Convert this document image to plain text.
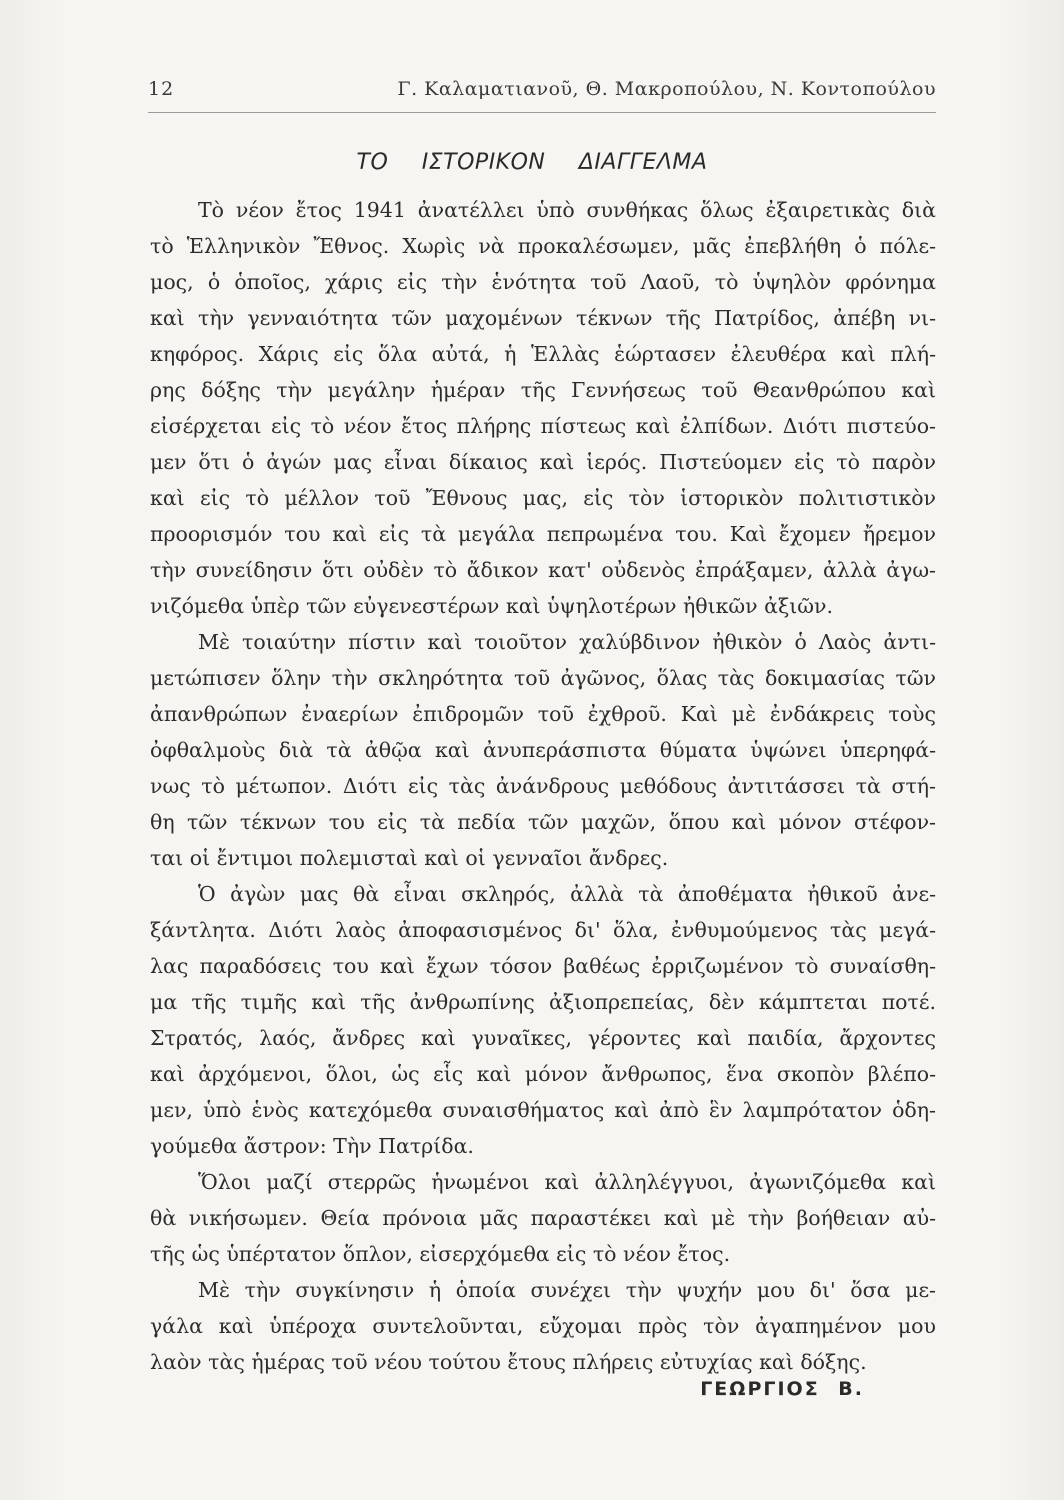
12	Γ. Καλαματιανοῦ, Θ. Μακροπούλου, Ν. Κοντοπούλου
ΤΟ ΙΣΤΟΡΙΚΟΝ ΔΙΑΓΓΕΛΜΑ
Τὸ νέον ἔτος 1941 ἀνατέλλει ὑπὸ συνθήκας ὅλως ἐξαιρετικὰς διὰ
τὸ Ἑλληνικὸν Ἔθνος. Χωρὶς νὰ προκαλέσωμεν, μᾶς ἐπεβλήθη ὁ πόλε-
μος, ὁ ὁποῖος, χάρις εἰς τὴν ἑνότητα τοῦ Λαοῦ, τὸ ὑψηλὸν φρόνημα
καὶ τὴν γενναιότητα τῶν μαχομένων τέκνων τῆς Πατρίδος, ἀπέβη νι-
κηφόρος. Χάρις εἰς ὅλα αὐτά, ἡ Ἑλλὰς ἑώρτασεν ἐλευθέρα καὶ πλή-
ρης δόξης τὴν μεγάλην ἡμέραν τῆς Γεννήσεως τοῦ Θεανθρώπου καὶ
εἰσέρχεται εἰς τὸ νέον ἔτος πλήρης πίστεως καὶ ἐλπίδων. Διότι πιστεύο-
μεν ὅτι ὁ ἀγών μας εἶναι δίκαιος καὶ ἱερός. Πιστεύομεν εἰς τὸ παρὸν
καὶ εἰς τὸ μέλλον τοῦ Ἔθνους μας, εἰς τὸν ἱστορικὸν πολιτιστικὸν
προορισμόν του καὶ εἰς τὰ μεγάλα πεπρωμένα του. Καὶ ἔχομεν ἤρεμον
τὴν συνείδησιν ὅτι οὐδὲν τὸ ἄδικον κατ' οὐδενὸς ἐπράξαμεν, ἀλλὰ ἀγω-
νιζόμεθα ὑπὲρ τῶν εὐγενεστέρων καὶ ὑψηλοτέρων ἠθικῶν ἀξιῶν.
Μὲ τοιαύτην πίστιν καὶ τοιοῦτον χαλύβδινον ἠθικὸν ὁ Λαὸς ἀντι-
μετώπισεν ὅλην τὴν σκληρότητα τοῦ ἀγῶνος, ὅλας τὰς δοκιμασίας τῶν
ἀπανθρώπων ἐναερίων ἐπιδρομῶν τοῦ ἐχθροῦ. Καὶ μὲ ἐνδάκρεις τοὺς
ὀφθαλμοὺς διὰ τὰ ἀθῷα καὶ ἀνυπεράσπιστα θύματα ὑψώνει ὑπερηφά-
νως τὸ μέτωπον. Διότι εἰς τὰς ἀνάνδρους μεθόδους ἀντιτάσσει τὰ στή-
θη τῶν τέκνων του εἰς τὰ πεδία τῶν μαχῶν, ὅπου καὶ μόνον στέφον-
ται οἱ ἔντιμοι πολεμισταὶ καὶ οἱ γενναῖοι ἄνδρες.
Ὁ ἀγὼν μας θὰ εἶναι σκληρός, ἀλλὰ τὰ ἀποθέματα ἠθικοῦ ἀνε-
ξάντλητα. Διότι λαὸς ἀποφασισμένος δι' ὅλα, ἐνθυμούμενος τὰς μεγά-
λας παραδόσεις του καὶ ἔχων τόσον βαθέως ἐρριζωμένον τὸ συναίσθη-
μα τῆς τιμῆς καὶ τῆς ἀνθρωπίνης ἀξιοπρεπείας, δὲν κάμπτεται ποτέ.
Στρατός, λαός, ἄνδρες καὶ γυναῖκες, γέροντες καὶ παιδία, ἄρχοντες
καὶ ἀρχόμενοι, ὅλοι, ὡς εἷς καὶ μόνον ἄνθρωπος, ἕνα σκοπὸν βλέπο-
μεν, ὑπὸ ἑνὸς κατεχόμεθα συναισθήματος καὶ ἀπὸ ἓν λαμπρότατον ὁδη-
γούμεθα ἄστρον: Τὴν Πατρίδα.
Ὅλοι μαζί στερρῶς ἡνωμένοι καὶ ἀλληλέγγυοι, ἀγωνιζόμεθα καὶ
θὰ νικήσωμεν. Θεία πρόνοια μᾶς παραστέκει καὶ μὲ τὴν βοήθειαν αὐ-
τῆς ὡς ὑπέρτατον ὅπλον, εἰσερχόμεθα εἰς τὸ νέον ἔτος.
Μὲ τὴν συγκίνησιν ἡ ὁποία συνέχει τὴν ψυχήν μου δι' ὅσα με-
γάλα καὶ ὑπέροχα συντελοῦνται, εὔχομαι πρὸς τὸν ἀγαπημένον μου
λαὸν τὰς ἡμέρας τοῦ νέου τούτου ἔτους πλήρεις εὐτυχίας καὶ δόξης.
ΓΕΩΡΓΙΟΣ Β.
